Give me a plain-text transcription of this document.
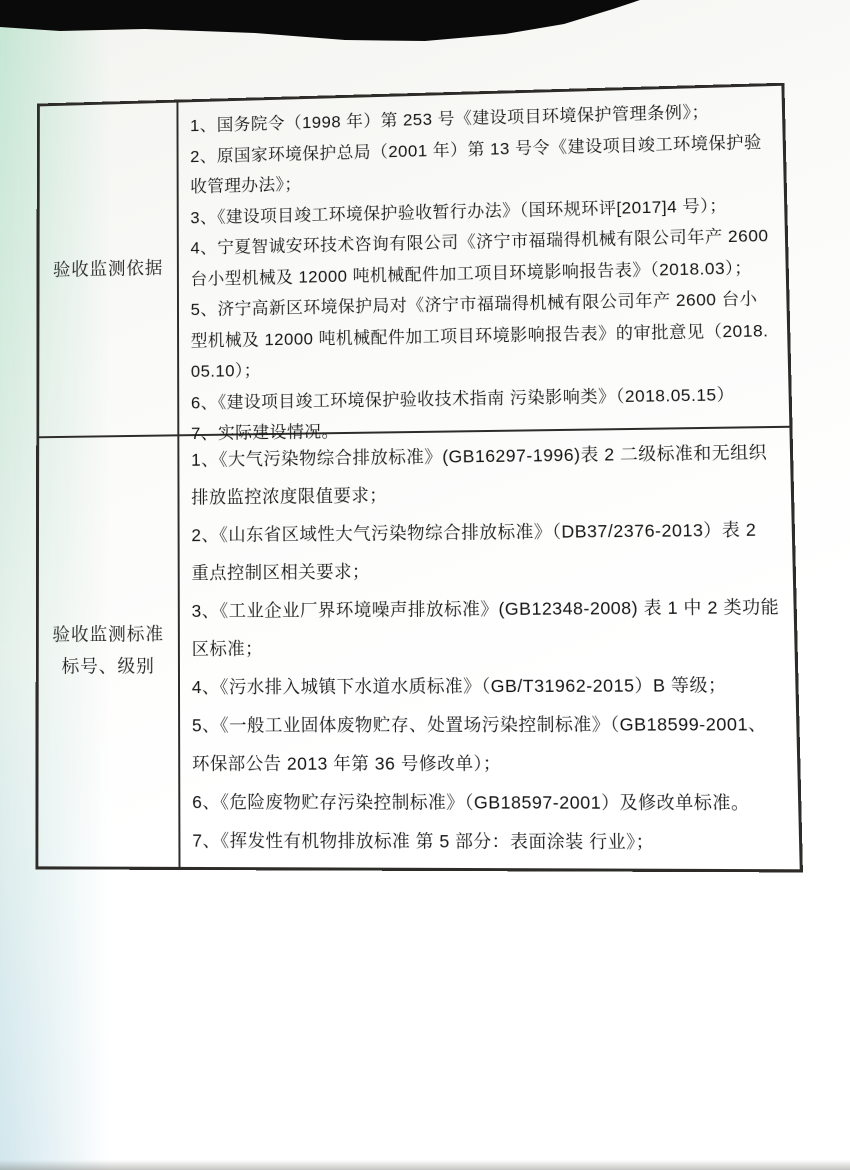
验收监测依据

1、国务院令（1998 年）第 253 号《建设项目环境保护管理条例》；

2、原国家环境保护总局（2001 年）第 13 号令《建设项目竣工环境保护验收管理办法》；

3、《建设项目竣工环境保护验收暂行办法》（国环规环评[2017]4 号）；

4、宁夏智诚安环技术咨询有限公司《济宁市福瑞得机械有限公司年产 2600 台小型机械及 12000 吨机械配件加工项目环境影响报告表》（2018.03）；

5、济宁高新区环境保护局对《济宁市福瑞得机械有限公司年产 2600 台小型机械及 12000 吨机械配件加工项目环境影响报告表》的审批意见（2018.05.10）；

6、《建设项目竣工环境保护验收技术指南 污染影响类》（2018.05.15）

7、实际建设情况。

验收监测标准
标号、级别

1、《大气污染物综合排放标准》(GB16297-1996)表 2 二级标准和无组织排放监控浓度限值要求；

2、《山东省区域性大气污染物综合排放标准》（DB37/2376-2013）表 2 重点控制区相关要求；

3、《工业企业厂界环境噪声排放标准》(GB12348-2008) 表 1 中 2 类功能区标准；

4、《污水排入城镇下水道水质标准》（GB/T31962-2015）B 等级；

5、《一般工业固体废物贮存、处置场污染控制标准》（GB18599-2001、环保部公告 2013 年第 36 号修改单）；

6、《危险废物贮存污染控制标准》（GB18597-2001）及修改单标准。

7、《挥发性有机物排放标准 第 5 部分：表面涂装 行业》；
